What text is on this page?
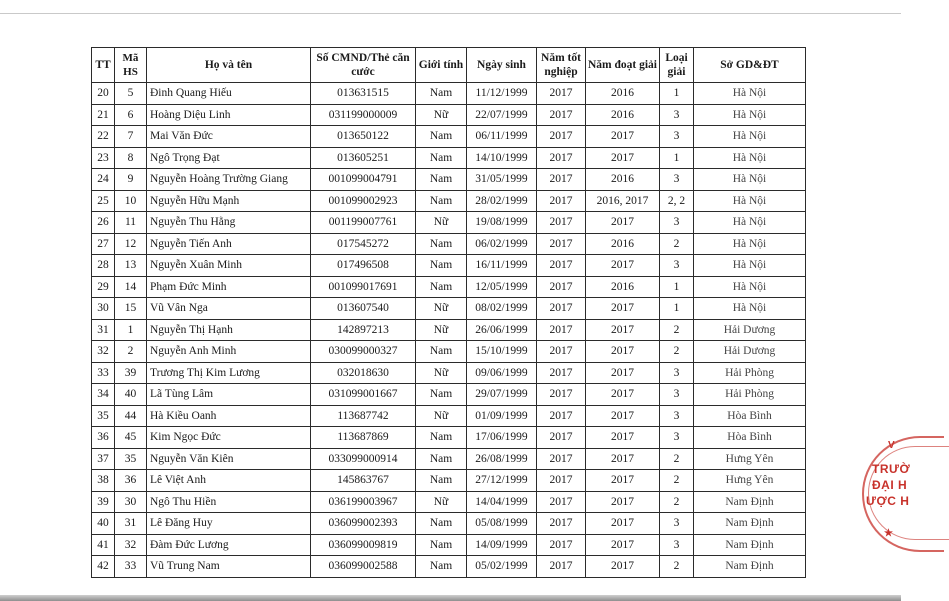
TT	Mã HS	Họ và tên	Số CMND/Thẻ căn cước	Giới tính	Ngày sinh	Năm tốt nghiệp	Năm đoạt giải	Loại giải	Sở GD&ĐT
20	5	Đinh Quang Hiếu	013631515	Nam	11/12/1999	2017	2016	1	Hà Nội
21	6	Hoàng Diệu Linh	031199000009	Nữ	22/07/1999	2017	2016	3	Hà Nội
22	7	Mai Văn Đức	013650122	Nam	06/11/1999	2017	2017	3	Hà Nội
23	8	Ngô Trọng Đạt	013605251	Nam	14/10/1999	2017	2017	1	Hà Nội
24	9	Nguyễn Hoàng Trường Giang	001099004791	Nam	31/05/1999	2017	2016	3	Hà Nội
25	10	Nguyễn Hữu Mạnh	001099002923	Nam	28/02/1999	2017	2016, 2017	2, 2	Hà Nội
26	11	Nguyễn Thu Hằng	001199007761	Nữ	19/08/1999	2017	2017	3	Hà Nội
27	12	Nguyễn Tiến Anh	017545272	Nam	06/02/1999	2017	2016	2	Hà Nội
28	13	Nguyễn Xuân Minh	017496508	Nam	16/11/1999	2017	2017	3	Hà Nội
29	14	Phạm Đức Minh	001099017691	Nam	12/05/1999	2017	2016	1	Hà Nội
30	15	Vũ Vân Nga	013607540	Nữ	08/02/1999	2017	2017	1	Hà Nội
31	1	Nguyễn Thị Hạnh	142897213	Nữ	26/06/1999	2017	2017	2	Hải Dương
32	2	Nguyễn Anh Minh	030099000327	Nam	15/10/1999	2017	2017	2	Hải Dương
33	39	Trương Thị Kim Lương	032018630	Nữ	09/06/1999	2017	2017	3	Hải Phòng
34	40	Lã Tùng Lâm	031099001667	Nam	29/07/1999	2017	2017	3	Hải Phòng
35	44	Hà Kiều Oanh	113687742	Nữ	01/09/1999	2017	2017	3	Hòa Bình
36	45	Kim Ngọc Đức	113687869	Nam	17/06/1999	2017	2017	3	Hòa Bình
37	35	Nguyễn Văn Kiên	033099000914	Nam	26/08/1999	2017	2017	2	Hưng Yên
38	36	Lê Việt Anh	145863767	Nam	27/12/1999	2017	2017	2	Hưng Yên
39	30	Ngô Thu Hiền	036199003967	Nữ	14/04/1999	2017	2017	2	Nam Định
40	31	Lê Đăng Huy	036099002393	Nam	05/08/1999	2017	2017	3	Nam Định
41	32	Đàm Đức Lương	036099009819	Nam	14/09/1999	2017	2017	3	Nam Định
42	33	Vũ Trung Nam	036099002588	Nam	05/02/1999	2017	2017	2	Nam Định
V
TRƯỜ
ĐẠI H
ƯỢC H
★
